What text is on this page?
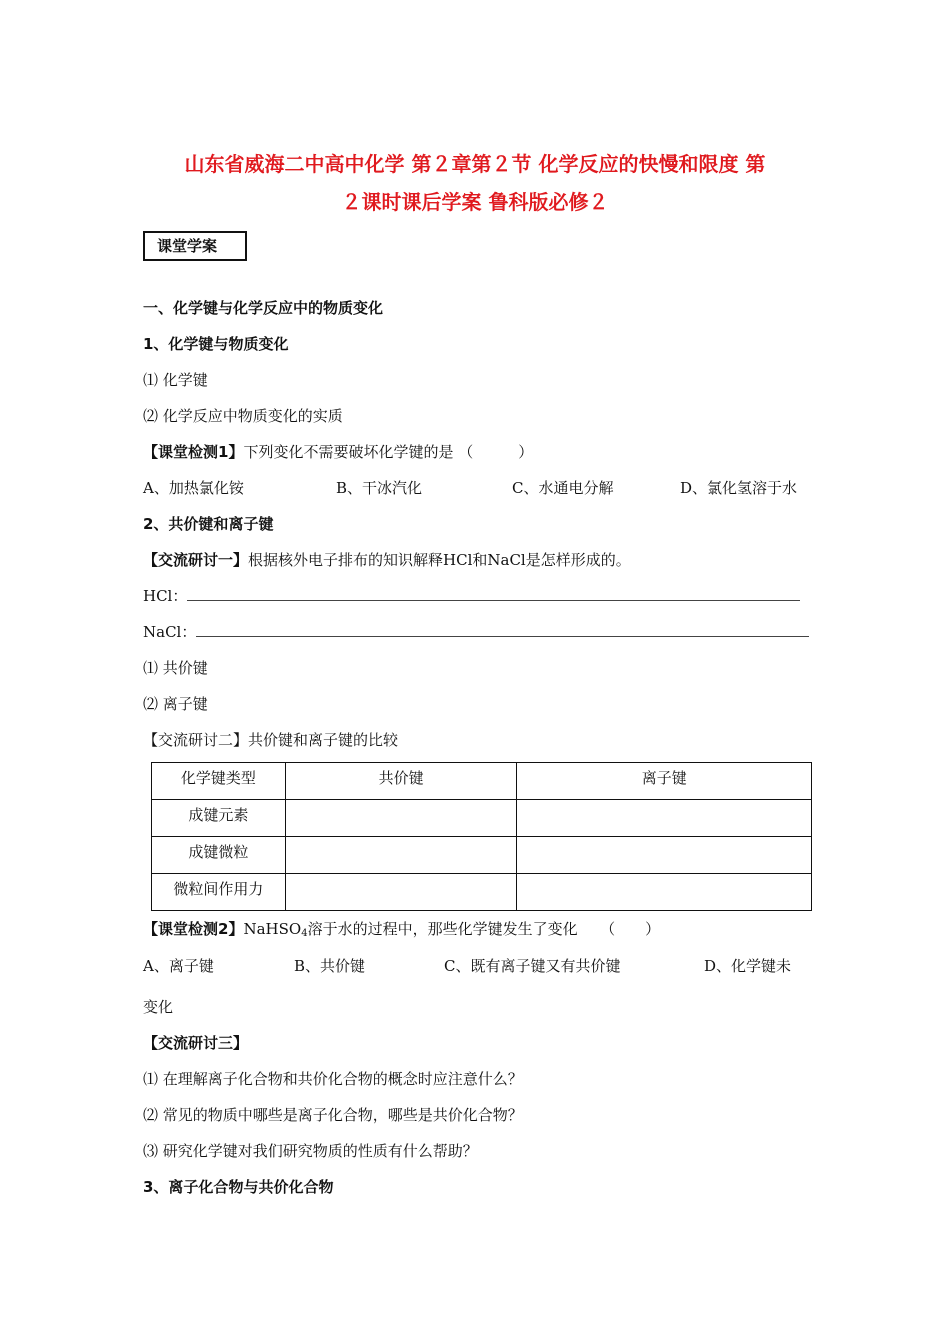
山东省威海二中高中化学 第２章第２节 化学反应的快慢和限度 第
２课时课后学案 鲁科版必修２
课堂学案
一、化学键与化学反应中的物质变化
1、化学键与物质变化
⑴ 化学键
⑵ 化学反应中物质变化的实质
【课堂检测1】下列变化不需要破坏化学键的是 （　　　）
A、加热氯化铵	B、干冰汽化	C、水通电分解	D、氯化氢溶于水
2、共价键和离子键
【交流研讨一】根据核外电子排布的知识解释HCl和NaCl是怎样形成的。
HCl：
NaCl：
⑴ 共价键
⑵ 离子键
【交流研讨二】共价键和离子键的比较
化学键类型	共价键	离子键
成键元素		
成键微粒		
微粒间作用力		
【课堂检测2】NaHSO$_4$溶于水的过程中，那些化学键发生了变化　　（　　）
A、离子键	B、共价键	C、既有离子键又有共价键	D、化学键未
变化
【交流研讨三】
⑴ 在理解离子化合物和共价化合物的概念时应注意什么？
⑵ 常见的物质中哪些是离子化合物，哪些是共价化合物？
⑶ 研究化学键对我们研究物质的性质有什么帮助？
3、离子化合物与共价化合物
